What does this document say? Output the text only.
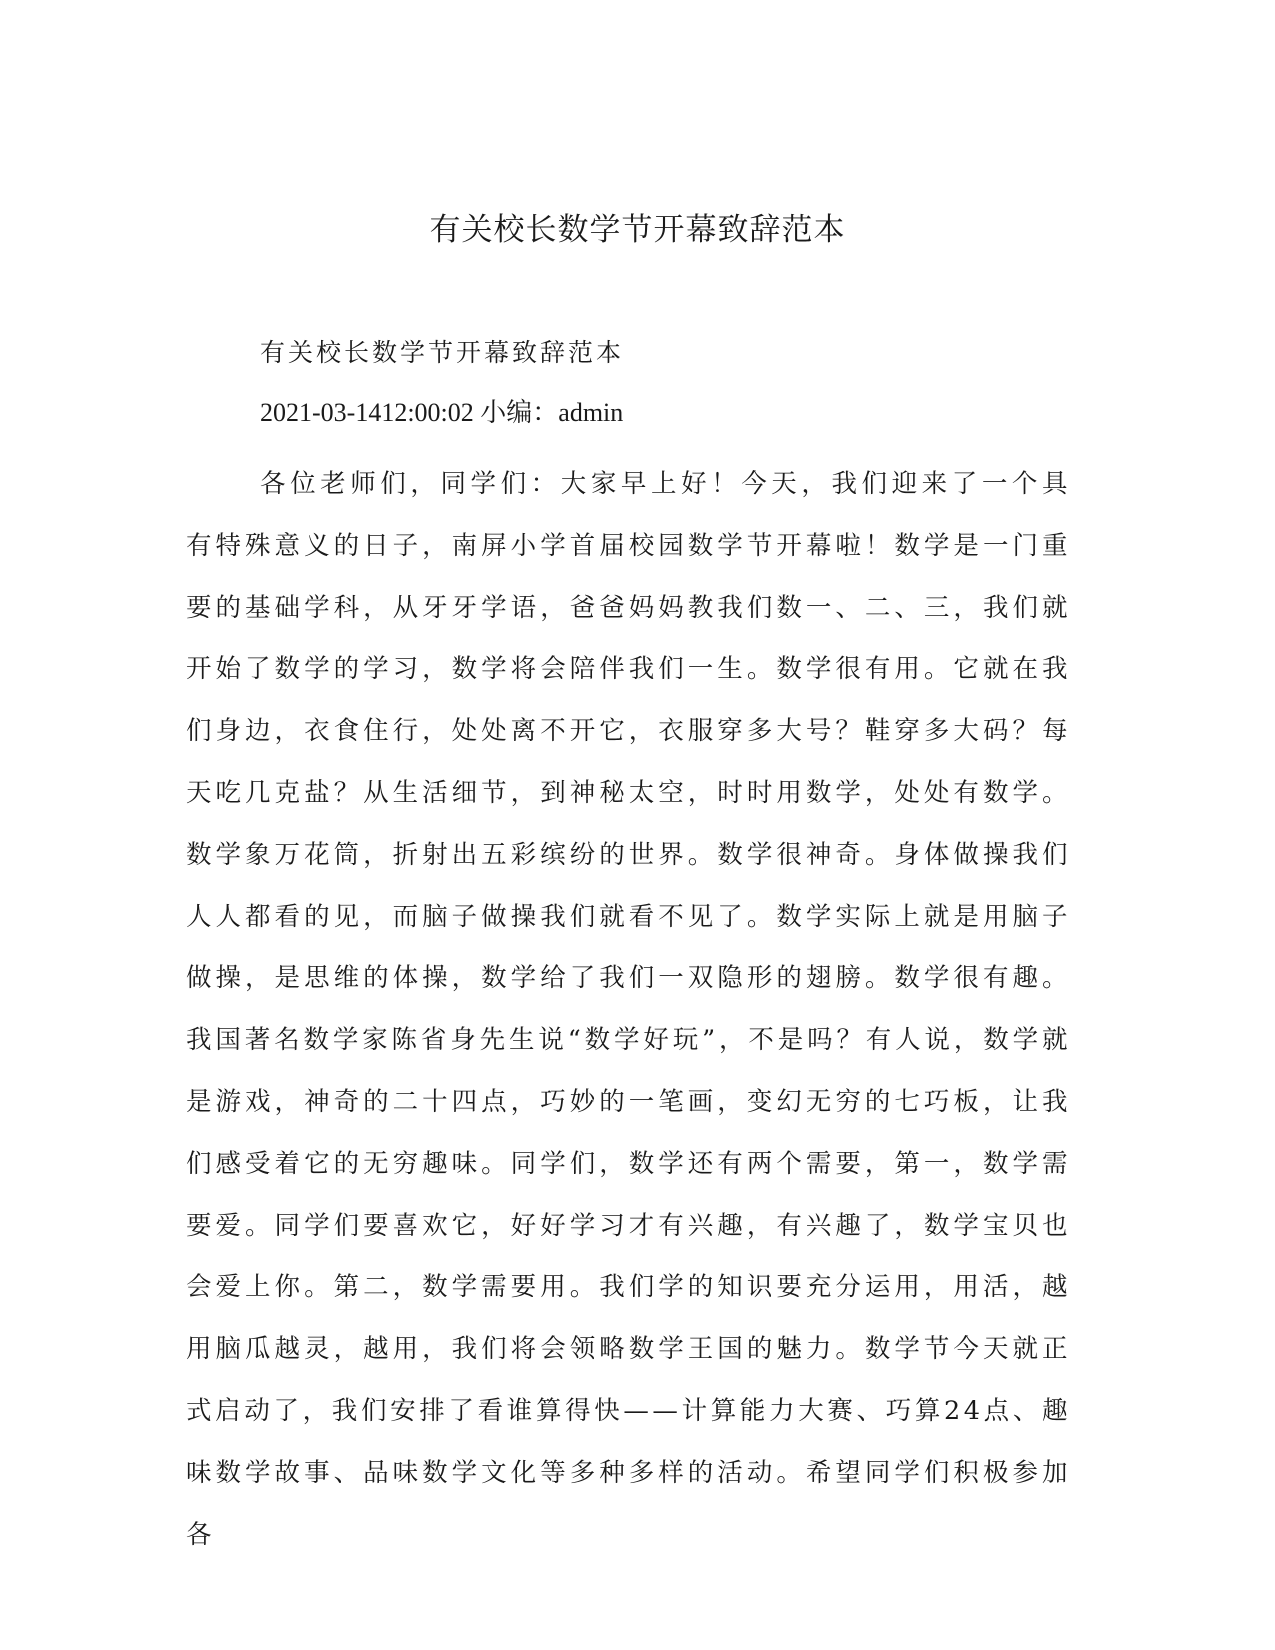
有关校长数学节开幕致辞范本

有关校长数学节开幕致辞范本

2021-03-1412:00:02 小编：admin

各位老师们，同学们：大家早上好！今天，我们迎来了一个具有特殊意义的日子，南屏小学首届校园数学节开幕啦！数学是一门重要的基础学科，从牙牙学语，爸爸妈妈教我们数一、二、三，我们就开始了数学的学习，数学将会陪伴我们一生。数学很有用。它就在我们身边，衣食住行，处处离不开它，衣服穿多大号？鞋穿多大码？每天吃几克盐？从生活细节，到神秘太空，时时用数学，处处有数学。数学象万花筒，折射出五彩缤纷的世界。数学很神奇。身体做操我们人人都看的见，而脑子做操我们就看不见了。数学实际上就是用脑子做操，是思维的体操，数学给了我们一双隐形的翅膀。数学很有趣。我国著名数学家陈省身先生说“数学好玩”，不是吗？有人说，数学就是游戏，神奇的二十四点，巧妙的一笔画，变幻无穷的七巧板，让我们感受着它的无穷趣味。同学们，数学还有两个需要，第一，数学需要爱。同学们要喜欢它，好好学习才有兴趣，有兴趣了，数学宝贝也会爱上你。第二，数学需要用。我们学的知识要充分运用，用活，越用脑瓜越灵，越用，我们将会领略数学王国的魅力。数学节今天就正式启动了，我们安排了看谁算得快——计算能力大赛、巧算24点、趣味数学故事、品味数学文化等多种多样的活动。希望同学们积极参加各
